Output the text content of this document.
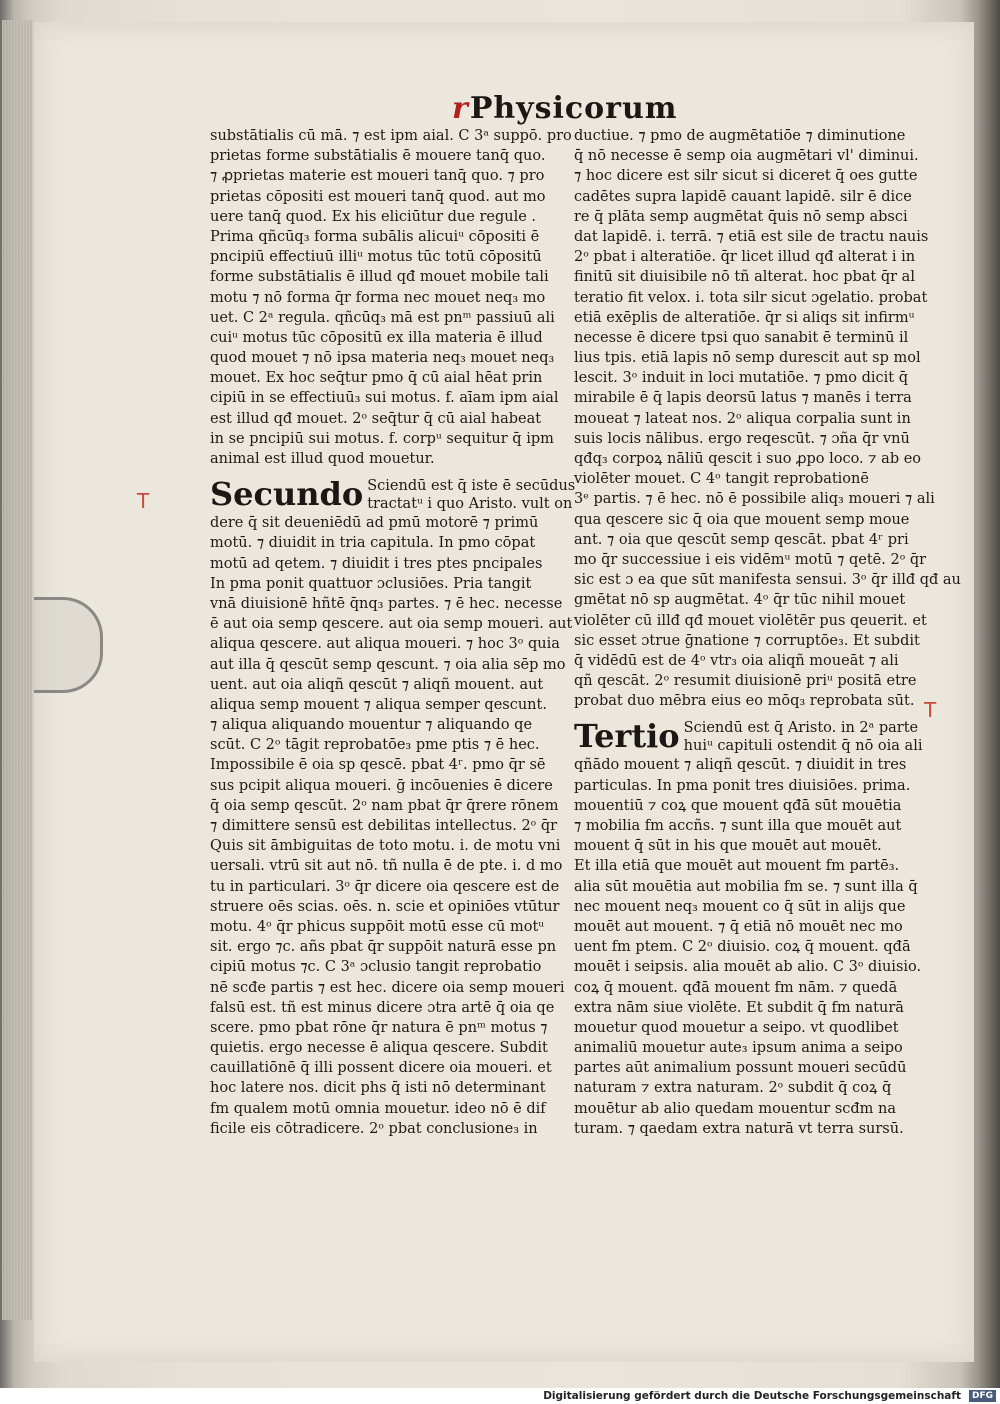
r Physicorum
T
T
substātialis cū mā. ⁊ est ipm aial. C 3ᵃ suppō. pro
prietas forme substātialis ē mouere tanq̄ quo.
⁊ ꝓprietas materie est moueri tanq̄ quo. ⁊ pro
prietas cōpositi est moueri tanq̄ quod. aut mo
uere tanq̄ quod. Ex his eliciūtur due regule .
Prima qñcūq₃ forma subālis alicuiᵘ cōpositi ē
pncipiū effectiuū illiᵘ motus tūc totū cōpositū
forme substātialis ē illud qđ mouet mobile tali
motu ⁊ nō forma q̄r forma nec mouet neq₃ mo
uet. C 2ᵃ regula. qñcūq₃ mā est pnᵐ passiuū ali
cuiᵘ motus tūc cōpositū ex illa materia ē illud
quod mouet ⁊ nō ipsa materia neq₃ mouet neq₃
mouet. Ex hoc seq̄tur pmo q̄ cū aial hēat prin
cipiū in se effectiuū₃ sui motus. f. aīam ipm aial
est illud qđ mouet. 2ᵒ seq̄tur q̄ cū aial habeat
in se pncipiū sui motus. f. corpᵘ sequitur q̄ ipm
animal est illud quod mouetur.
Secundo Sciendū est q̄ iste ē secūdus
tractatᵘ i quo Aristo. vult on
dere q̄ sit deueniēdū ad pmū motorē ⁊ primū
motū. ⁊ diuidit in tria capitula. In pmo cōpat
motū ad qetem. ⁊ diuidit i tres ptes pncipales
In pma ponit quattuor ɔclusiōes. Pria tangit
vnā diuisionē hñtē q̄nq₃ partes. ⁊ ē hec. necesse
ē aut oia semp qescere. aut oia semp moueri. aut
aliqua qescere. aut aliqua moueri. ⁊ hoc 3ᵒ quia
aut illa q̄ qescūt semp qescunt. ⁊ oia alia sēp mo
uent. aut oia aliqñ qescūt ⁊ aliqñ mouent. aut
aliqua semp mouent ⁊ aliqua semper qescunt.
⁊ aliqua aliquando mouentur ⁊ aliquando qe
scūt. C 2ᵒ tāgit reprobatōe₃ pme ptis ⁊ ē hec.
Impossibile ē oia sp qescē. pbat 4ʳ. pmo q̄r sē
sus pcipit aliqua moueri. ḡ incōuenies ē dicere
q̄ oia semp qescūt. 2ᵒ nam pbat q̄r q̄rere rōnem
⁊ dimittere sensū est debilitas intellectus. 2ᵒ q̄r
Quis sit āmbiguitas de toto motu. i. de motu vni
uersali. vtrū sit aut nō. tñ nulla ē de pte. i. d mo
tu in particulari. 3ᵒ q̄r dicere oia qescere est de
struere oēs scias. oēs. n. scie et opiniōes vtūtur
motu. 4ᵒ q̄r phicus suppōit motū esse cū motᵘ
sit. ergo ⁊c. añs pbat q̄r suppōit naturā esse pn
cipiū motus ⁊c. C 3ᵃ ɔclusio tangit reprobatio
nē scđe partis ⁊ est hec. dicere oia semp moueri
falsū est. tñ est minus dicere ɔtra artē q̄ oia qe
scere. pmo pbat rōne q̄r natura ē pnᵐ motus ⁊
quietis. ergo necesse ē aliqua qescere. Subdit
cauillatiōnē q̄ illi possent dicere oia moueri. et
hoc latere nos. dicit phs q̄ isti nō determinant
fm qualem motū omnia mouetur. ideo nō ē dif
ficile eis cōtradicere. 2ᵒ pbat conclusione₃ in
ductiue. ⁊ pmo de augmētatiōe ⁊ diminutione
q̄ nō necesse ē semp oia augmētari vl' diminui.
⁊ hoc dicere est silr sicut si diceret q̄ oes gutte
cadētes supra lapidē cauant lapidē. silr ē dice
re q̄ plāta semp augmētat q̄uis nō semp absci
dat lapidē. i. terrā. ⁊ etiā est sile de tractu nauis
2ᵒ pbat i alteratiōe. q̄r licet illud qđ alterat i in
finitū sit diuisibile nō tñ alterat. hoc pbat q̄r al
teratio fit velox. i. tota silr sicut ɔgelatio. probat
etiā exēplis de alteratiōe. q̄r si aliqs sit infirmᵘ
necesse ē dicere tpsi quo sanabit ē terminū il
lius tpis. etiā lapis nō semp durescit aut sp mol
lescit. 3ᵒ induit in loci mutatiōe. ⁊ pmo dicit q̄
mirabile ē q̄ lapis deorsū latus ⁊ manēs i terra
moueat ⁊ lateat nos. 2ᵒ aliqua corpalia sunt in
suis locis nālibus. ergo reqescūt. ⁊ ɔña q̄r vnū
qđq₃ corpoꝝ nāliū qescit i suo ꝓpo loco. ⁊ ab eo
violēter mouet. C 4ᵒ tangit reprobationē
3ᵉ partis. ⁊ ē hec. nō ē possibile aliq₃ moueri ⁊ ali
qua qescere sic q̄ oia que mouent semp moue
ant. ⁊ oia que qescūt semp qescāt. pbat 4ʳ pri
mo q̄r successiue i eis vidēmᵘ motū ⁊ qetē. 2ᵒ q̄r
sic est ɔ ea que sūt manifesta sensui. 3ᵒ q̄r illđ qđ au
gmētat nō sp augmētat. 4ᵒ q̄r tūc nihil mouet
violēter cū illđ qđ mouet violētēr pus qeuerit. et
sic esset ɔtrue ḡnatione ⁊ corruptōe₃. Et subdit
q̄ vidēdū est de 4ᵒ vtr₃ oia aliqñ moueāt ⁊ ali
qñ qescāt. 2ᵒ resumit diuisionē priᵘ positā etre
probat duo mēbra eius eo mōq₃ reprobata sūt.
Tertio Sciendū est q̄ Aristo. in 2ᵃ parte
huiᵘ capituli ostendit q̄ nō oia ali
qñādo mouent ⁊ aliqñ qescūt. ⁊ diuidit in tres
particulas. In pma ponit tres diuisiōes. prima.
mouentiū ⁊ coꝝ que mouent qđā sūt mouētia
⁊ mobilia fm accñs. ⁊ sunt illa que mouēt aut
mouent q̄ sūt in his que mouēt aut mouēt.
Et illa etiā que mouēt aut mouent fm partē₃.
alia sūt mouētia aut mobilia fm se. ⁊ sunt illa q̄
nec mouent neq₃ mouent co q̄ sūt in alijs que
mouēt aut mouent. ⁊ q̄ etiā nō mouēt nec mo
uent fm ptem. C 2ᵒ diuisio. coꝝ q̄ mouent. qđā
mouēt i seipsis. alia mouēt ab alio. C 3ᵒ diuisio.
coꝝ q̄ mouent. qđā mouent fm nām. ⁊ quedā
extra nām siue violēte. Et subdit q̄ fm naturā
mouetur quod mouetur a seipo. vt quodlibet
animaliū mouetur aute₃ ipsum anima a seipo
partes aūt animalium possunt moueri secūdū
naturam ⁊ extra naturam. 2ᵒ subdit q̄ coꝝ q̄
mouētur ab alio quedam mouentur scđm na
turam. ⁊ qaedam extra naturā vt terra sursū.
Digitalisierung gefördert durch die Deutsche Forschungsgemeinschaft	DFG
